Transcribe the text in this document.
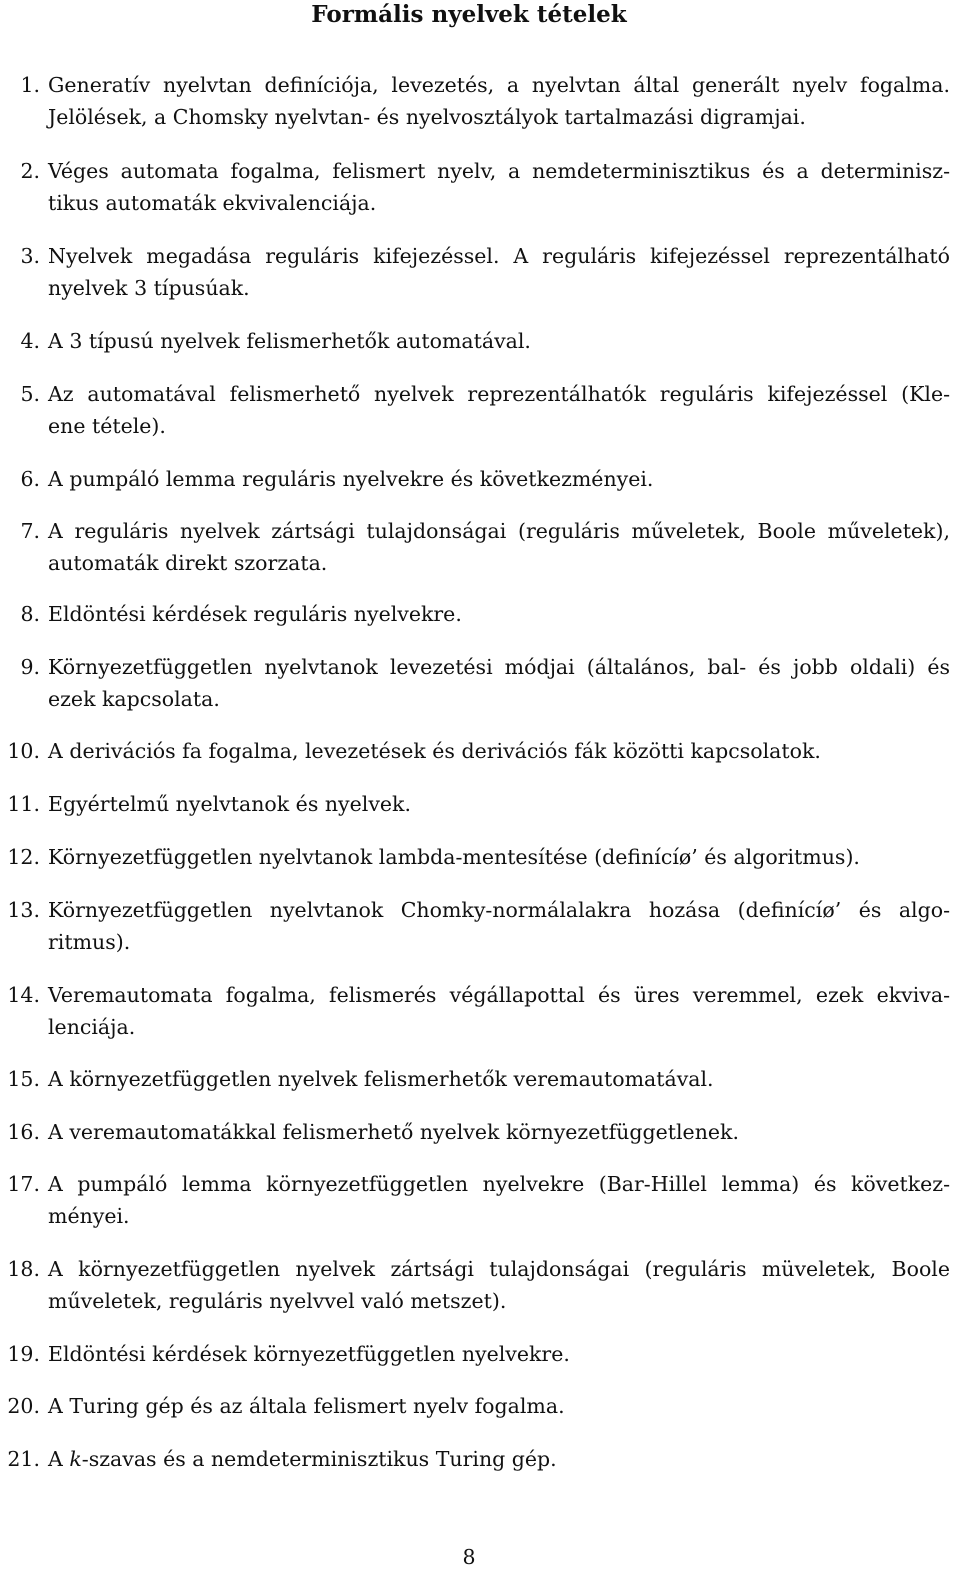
Formális nyelvek tételek
1. Generatív nyelvtan definíciója, levezetés, a nyelvtan által generált nyelv fogalma.
Jelölések, a Chomsky nyelvtan- és nyelvosztályok tartalmazási digramjai.
2. Véges automata fogalma, felismert nyelv, a nemdeterminisztikus és a determinisz-
tikus automaták ekvivalenciája.
3. Nyelvek megadása reguláris kifejezéssel. A reguláris kifejezéssel reprezentálható
nyelvek 3 típusúak.
4. A 3 típusú nyelvek felismerhetők automatával.
5. Az automatával felismerhető nyelvek reprezentálhatók reguláris kifejezéssel (Kle-
ene tétele).
6. A pumpáló lemma reguláris nyelvekre és következményei.
7. A reguláris nyelvek zártsági tulajdonságai (reguláris műveletek, Boole műveletek),
automaták direkt szorzata.
8. Eldöntési kérdések reguláris nyelvekre.
9. Környezetfüggetlen nyelvtanok levezetési módjai (általános, bal- és jobb oldali) és
ezek kapcsolata.
10. A derivációs fa fogalma, levezetések és derivációs fák közötti kapcsolatok.
11. Egyértelmű nyelvtanok és nyelvek.
12. Környezetfüggetlen nyelvtanok lambda-mentesítése (definícíø’ és algoritmus).
13. Környezetfüggetlen nyelvtanok Chomky-normálalakra hozása (definícíø’ és algo-
ritmus).
14. Veremautomata fogalma, felismerés végállapottal és üres veremmel, ezek ekviva-
lenciája.
15. A környezetfüggetlen nyelvek felismerhetők veremautomatával.
16. A veremautomatákkal felismerhető nyelvek környezetfüggetlenek.
17. A pumpáló lemma környezetfüggetlen nyelvekre (Bar-Hillel lemma) és következ-
ményei.
18. A környezetfüggetlen nyelvek zártsági tulajdonságai (reguláris müveletek, Boole
műveletek, reguláris nyelvvel való metszet).
19. Eldöntési kérdések környezetfüggetlen nyelvekre.
20. A Turing gép és az általa felismert nyelv fogalma.
21. A k-szavas és a nemdeterminisztikus Turing gép.
8
